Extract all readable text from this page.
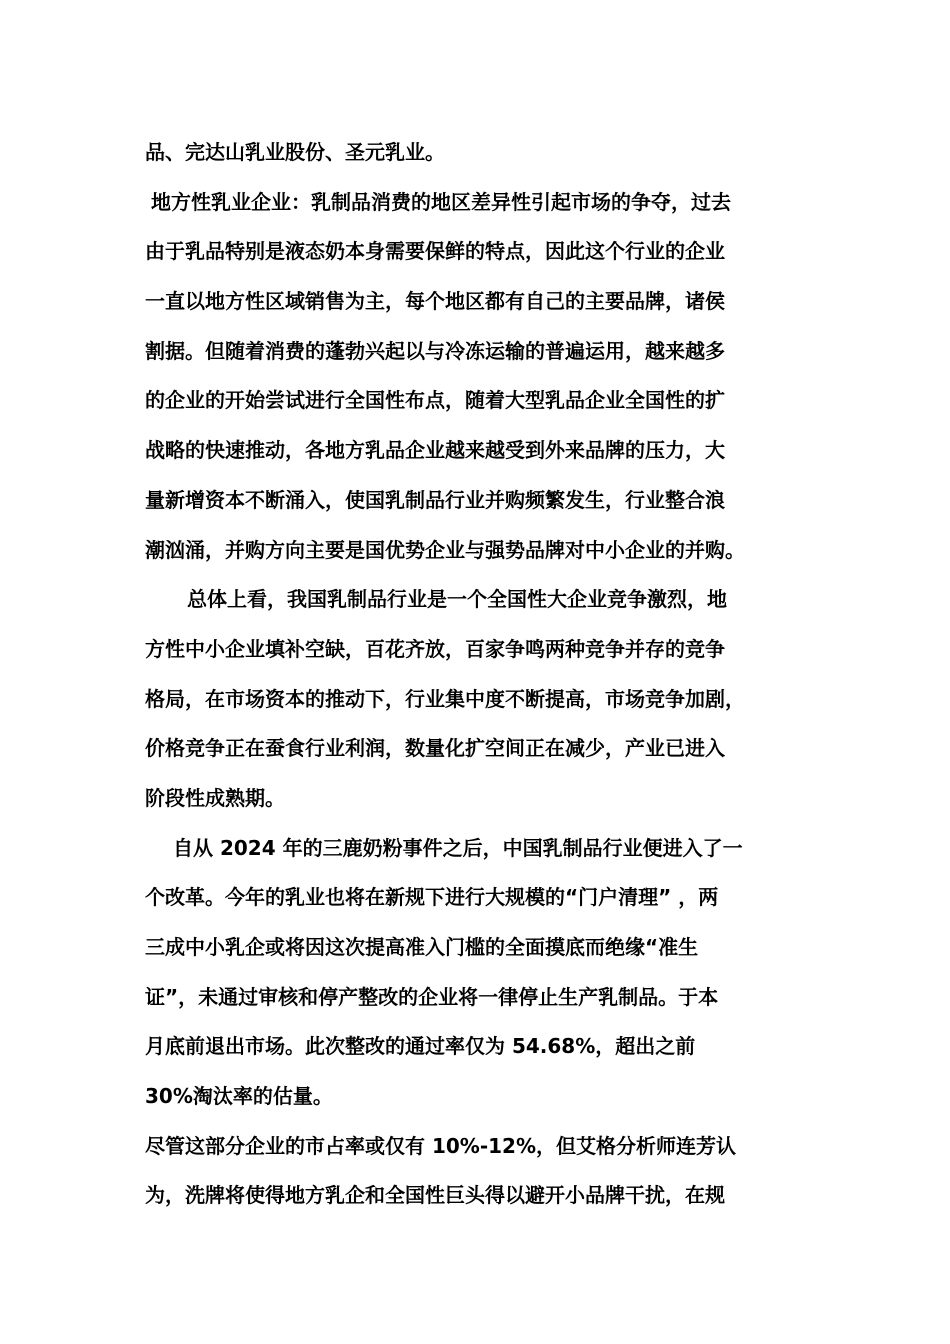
品、完达山乳业股份、圣元乳业。
地方性乳业企业：乳制品消费的地区差异性引起市场的争夺，过去
由于乳品特别是液态奶本身需要保鲜的特点，因此这个行业的企业
一直以地方性区域销售为主，每个地区都有自己的主要品牌，诸侯
割据。但随着消费的蓬勃兴起以与冷冻运输的普遍运用，越来越多
的企业的开始尝试进行全国性布点，随着大型乳品企业全国性的扩
战略的快速推动，各地方乳品企业越来越受到外来品牌的压力，大
量新增资本不断涌入，使国乳制品行业并购频繁发生，行业整合浪
潮汹涌，并购方向主要是国优势企业与强势品牌对中小企业的并购。
总体上看，我国乳制品行业是一个全国性大企业竞争激烈，地
方性中小企业填补空缺，百花齐放，百家争鸣两种竞争并存的竞争
格局，在市场资本的推动下，行业集中度不断提高，市场竞争加剧，
价格竞争正在蚕食行业利润，数量化扩空间正在减少，产业已进入
阶段性成熟期。
自从 2024 年的三鹿奶粉事件之后，中国乳制品行业便进入了一
个改革。今年的乳业也将在新规下进行大规模的“门户清理” ，两
三成中小乳企或将因这次提高准入门槛的全面摸底而绝缘“准生
证”，未通过审核和停产整改的企业将一律停止生产乳制品。于本
月底前退出市场。此次整改的通过率仅为 54.68%，超出之前
30%淘汰率的估量。
尽管这部分企业的市占率或仅有 10%-12%，但艾格分析师连芳认
为，洗牌将使得地方乳企和全国性巨头得以避开小品牌干扰，在规
